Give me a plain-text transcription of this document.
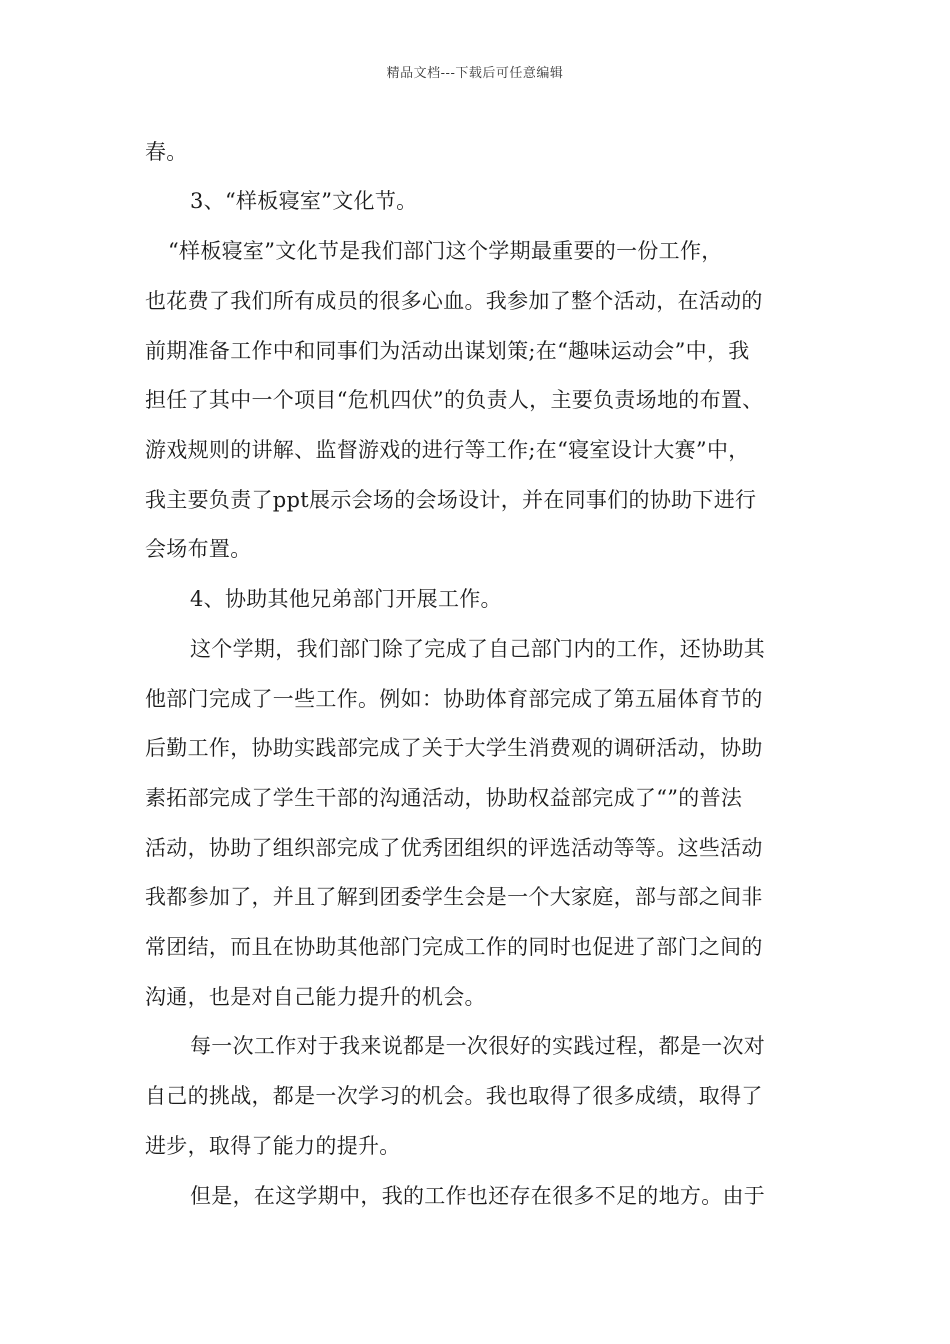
精品文档---下载后可任意编辑
春。
3、“样板寝室”文化节。
“样板寝室”文化节是我们部门这个学期最重要的一份工作，
也花费了我们所有成员的很多心血。我参加了整个活动，在活动的
前期准备工作中和同事们为活动出谋划策;在“趣味运动会”中，我
担任了其中一个项目“危机四伏”的负责人，主要负责场地的布置、
游戏规则的讲解、监督游戏的进行等工作;在“寝室设计大赛”中，
我主要负责了ppt展示会场的会场设计，并在同事们的协助下进行
会场布置。
4、协助其他兄弟部门开展工作。
这个学期，我们部门除了完成了自己部门内的工作，还协助其
他部门完成了一些工作。例如：协助体育部完成了第五届体育节的
后勤工作，协助实践部完成了关于大学生消费观的调研活动，协助
素拓部完成了学生干部的沟通活动，协助权益部完成了“”的普法
活动，协助了组织部完成了优秀团组织的评选活动等等。这些活动
我都参加了，并且了解到团委学生会是一个大家庭，部与部之间非
常团结，而且在协助其他部门完成工作的同时也促进了部门之间的
沟通，也是对自己能力提升的机会。
每一次工作对于我来说都是一次很好的实践过程，都是一次对
自己的挑战，都是一次学习的机会。我也取得了很多成绩，取得了
进步，取得了能力的提升。
但是，在这学期中，我的工作也还存在很多不足的地方。由于
